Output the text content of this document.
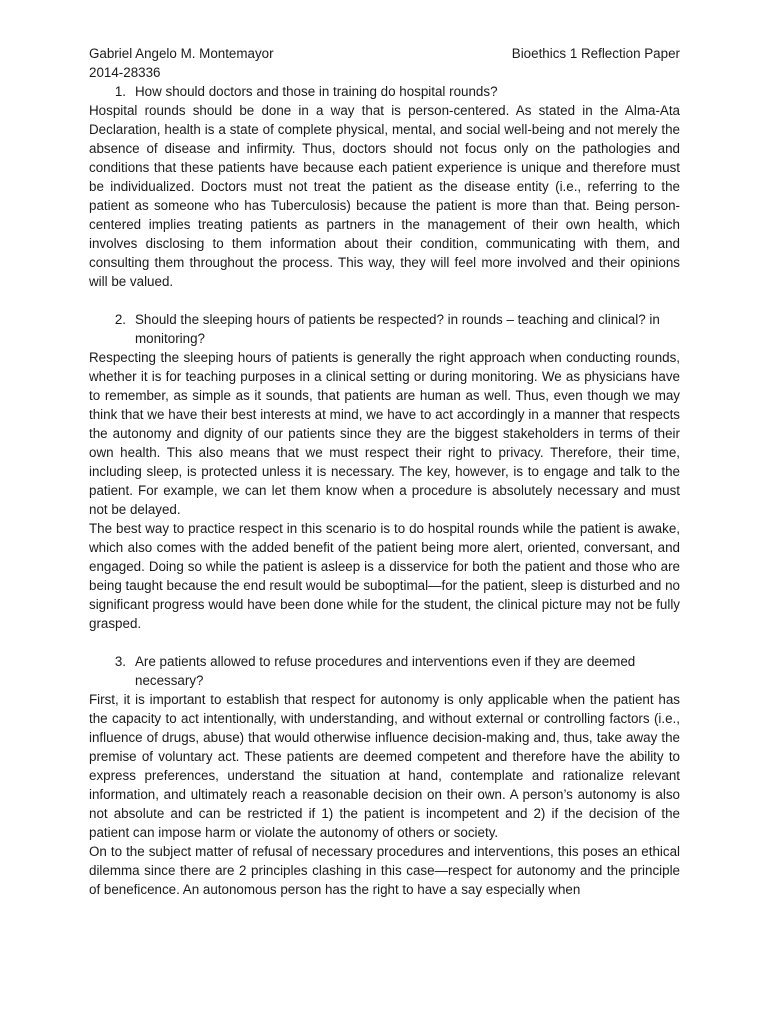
Gabriel Angelo M. Montemayor
2014-28336
Bioethics 1 Reflection Paper
1. How should doctors and those in training do hospital rounds?

Hospital rounds should be done in a way that is person-centered. As stated in the Alma-Ata Declaration, health is a state of complete physical, mental, and social well-being and not merely the absence of disease and infirmity. Thus, doctors should not focus only on the pathologies and conditions that these patients have because each patient experience is unique and therefore must be individualized. Doctors must not treat the patient as the disease entity (i.e., referring to the patient as someone who has Tuberculosis) because the patient is more than that. Being person-centered implies treating patients as partners in the management of their own health, which involves disclosing to them information about their condition, communicating with them, and consulting them throughout the process. This way, they will feel more involved and their opinions will be valued.

2. Should the sleeping hours of patients be respected? in rounds – teaching and clinical? in monitoring?

Respecting the sleeping hours of patients is generally the right approach when conducting rounds, whether it is for teaching purposes in a clinical setting or during monitoring. We as physicians have to remember, as simple as it sounds, that patients are human as well. Thus, even though we may think that we have their best interests at mind, we have to act accordingly in a manner that respects the autonomy and dignity of our patients since they are the biggest stakeholders in terms of their own health. This also means that we must respect their right to privacy. Therefore, their time, including sleep, is protected unless it is necessary. The key, however, is to engage and talk to the patient. For example, we can let them know when a procedure is absolutely necessary and must not be delayed.

The best way to practice respect in this scenario is to do hospital rounds while the patient is awake, which also comes with the added benefit of the patient being more alert, oriented, conversant, and engaged. Doing so while the patient is asleep is a disservice for both the patient and those who are being taught because the end result would be suboptimal—for the patient, sleep is disturbed and no significant progress would have been done while for the student, the clinical picture may not be fully grasped.

3. Are patients allowed to refuse procedures and interventions even if they are deemed necessary?

First, it is important to establish that respect for autonomy is only applicable when the patient has the capacity to act intentionally, with understanding, and without external or controlling factors (i.e., influence of drugs, abuse) that would otherwise influence decision-making and, thus, take away the premise of voluntary act. These patients are deemed competent and therefore have the ability to express preferences, understand the situation at hand, contemplate and rationalize relevant information, and ultimately reach a reasonable decision on their own. A person’s autonomy is also not absolute and can be restricted if 1) the patient is incompetent and 2) if the decision of the patient can impose harm or violate the autonomy of others or society.

On to the subject matter of refusal of necessary procedures and interventions, this poses an ethical dilemma since there are 2 principles clashing in this case—respect for autonomy and the principle of beneficence. An autonomous person has the right to have a say especially when
